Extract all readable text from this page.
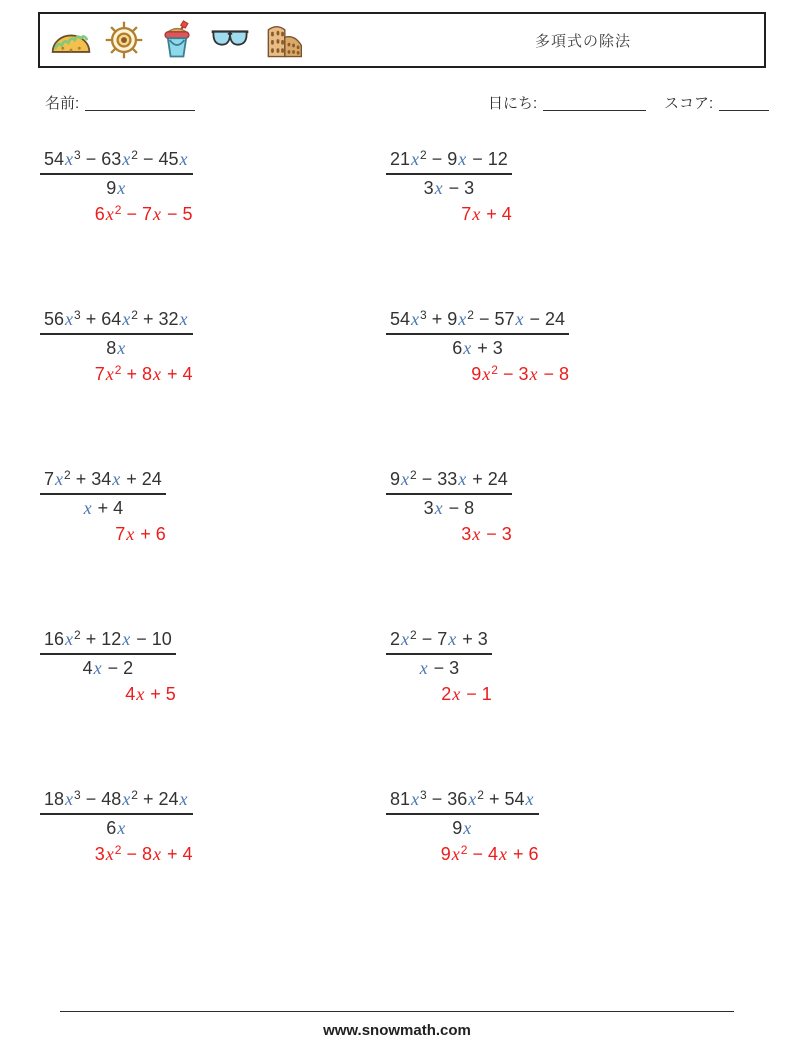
多項式の除法
名前:	日にち:	スコア:
$\frac{54x^3 - 63x^2 - 45x}{9x}$
$6x^2 - 7x - 5$
$\frac{21x^2 - 9x - 12}{3x - 3}$
7x + 4
$\frac{56x^3 + 64x^2 + 32x}{8x}$
$7x^2 + 8x + 4$
$\frac{54x^3 + 9x^2 - 57x - 24}{6x + 3}$
$9x^2 - 3x - 8$
$\frac{7x^2 + 34x + 24}{x + 4}$
7x + 6
$\frac{9x^2 - 33x + 24}{3x - 8}$
3x − 3
$\frac{16x^2 + 12x - 10}{4x - 2}$
4x + 5
$\frac{2x^2 - 7x + 3}{x - 3}$
2x − 1
$\frac{18x^3 - 48x^2 + 24x}{6x}$
$3x^2 - 8x + 4$
$\frac{81x^3 - 36x^2 + 54x}{9x}$
$9x^2 - 4x + 6$
www.snowmath.com
